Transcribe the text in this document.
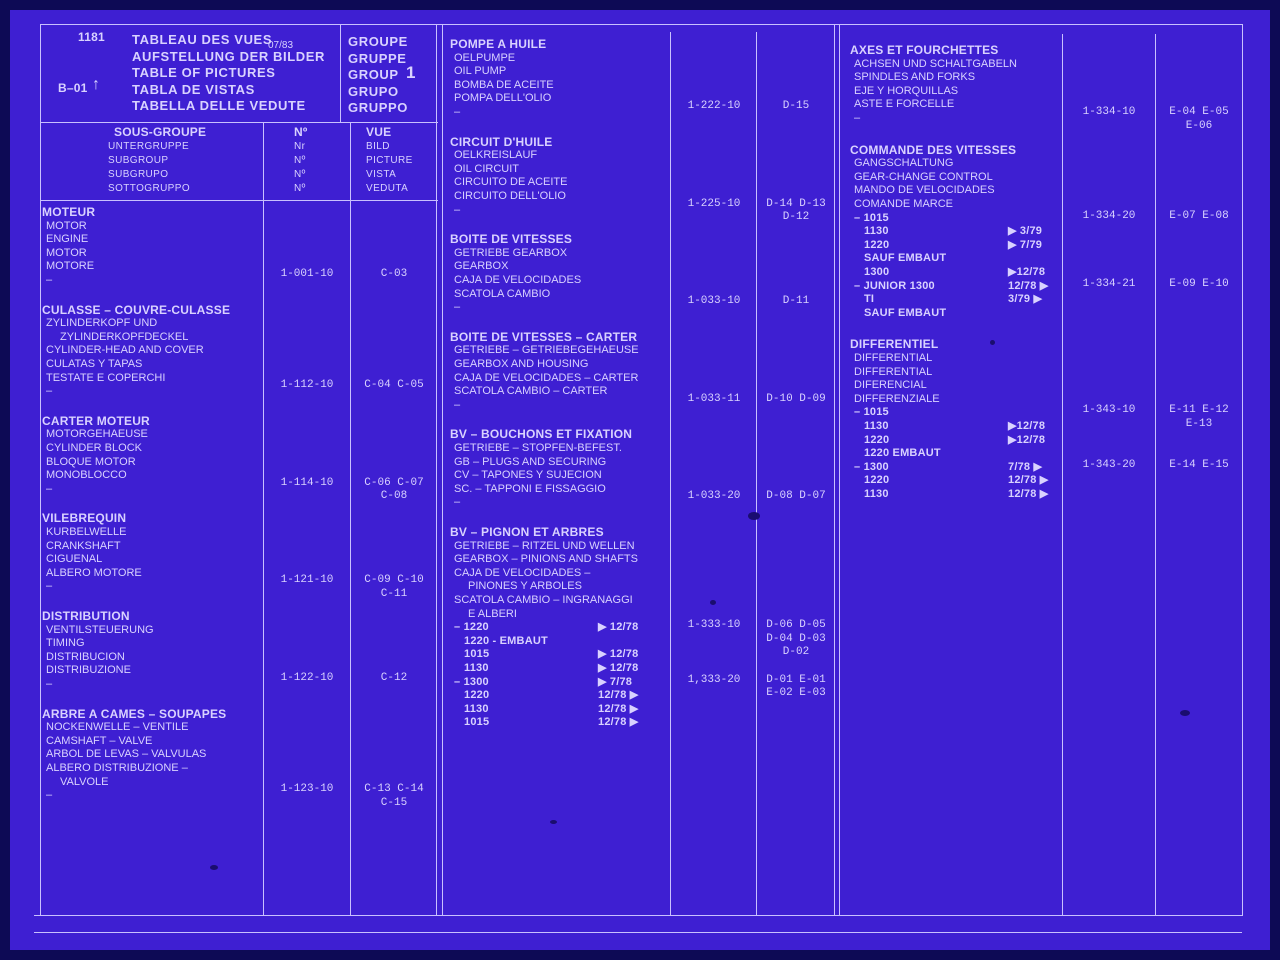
1181
B–01
07/83
↑
1
TABLEAU DES VUES
AUFSTELLUNG DER BILDER
TABLE OF PICTURES
TABLA DE VISTAS
TABELLA DELLE VEDUTE
GROUPE
GRUPPE
GROUP
GRUPO
GRUPPO
SOUS-GROUPE
UNTERGRUPPE
SUBGROUP
SUBGRUPO
SOTTOGRUPPO
Nº
Nr
Nº
Nº
Nº
VUE
BILD
PICTURE
VISTA
VEDUTA
MOTEUR
MOTOR
ENGINE
MOTOR
MOTORE
–	1-001-10	C-03
CULASSE – COUVRE-CULASSE
ZYLINDERKOPF UND
ZYLINDERKOPFDECKEL
CYLINDER-HEAD AND COVER
CULATAS Y TAPAS
TESTATE E COPERCHI
–	1-112-10	C-04 C-05
CARTER MOTEUR
MOTORGEHAEUSE
CYLINDER BLOCK
BLOQUE MOTOR
MONOBLOCCO
–	1-114-10	C-06 C-07
C-08
VILEBREQUIN
KURBELWELLE
CRANKSHAFT
CIGUENAL
ALBERO MOTORE
–	1-121-10	C-09 C-10
C-11
DISTRIBUTION
VENTILSTEUERUNG
TIMING
DISTRIBUCION
DISTRIBUZIONE
–	1-122-10	C-12
ARBRE A CAMES – SOUPAPES
NOCKENWELLE – VENTILE
CAMSHAFT – VALVE
ARBOL DE LEVAS – VALVULAS
ALBERO DISTRIBUZIONE –
VALVOLE
–	1-123-10	C-13 C-14
C-15
POMPE A HUILE
OELPUMPE
OIL PUMP
BOMBA DE ACEITE
POMPA DELL'OLIO
–	1-222-10	D-15
CIRCUIT D'HUILE
OELKREISLAUF
OIL CIRCUIT
CIRCUITO DE ACEITE
CIRCUITO DELL'OLIO
–	1-225-10	D-14 D-13
D-12
BOITE DE VITESSES
GETRIEBE GEARBOX
GEARBOX
CAJA DE VELOCIDADES
SCATOLA CAMBIO
–	1-033-10	D-11
BOITE DE VITESSES – CARTER
GETRIEBE – GETRIEBEGEHAEUSE
GEARBOX AND HOUSING
CAJA DE VELOCIDADES – CARTER
SCATOLA CAMBIO – CARTER
–	1-033-11	D-10 D-09
BV – BOUCHONS ET FIXATION
GETRIEBE – STOPFEN-BEFEST.
GB – PLUGS AND SECURING
CV – TAPONES Y SUJECION
SC. – TAPPONI E FISSAGGIO
–	1-033-20	D-08 D-07
BV – PIGNON ET ARBRES
GETRIEBE – RITZEL UND WELLEN
GEARBOX – PINIONS AND SHAFTS
CAJA DE VELOCIDADES –
PINONES Y ARBOLES
SCATOLA CAMBIO – INGRANAGGI
E ALBERI
– 1220	▶ 12/78	1-333-10	D-06 D-05
D-04 D-03
D-02
1220 - EMBAUT
1015	▶ 12/78
1130	▶ 12/78
– 1300	▶ 7/78	1,333-20	D-01 E-01
E-02 E-03
1220	12/78 ▶
1130	12/78 ▶
1015	12/78 ▶
AXES ET FOURCHETTES
ACHSEN UND SCHALTGABELN
SPINDLES AND FORKS
EJE Y HORQUILLAS
ASTE E FORCELLE
–	1-334-10	E-04 E-05
E-06
COMMANDE DES VITESSES
GANGSCHALTUNG
GEAR-CHANGE CONTROL
MANDO DE VELOCIDADES
COMANDE MARCE
– 1015	1-334-20	E-07 E-08
1130	▶ 3/79
1220	▶ 7/79
SAUF EMBAUT
1300	▶12/78
– JUNIOR 1300	12/78 ▶	1-334-21	E-09 E-10
TI	3/79 ▶
SAUF EMBAUT
DIFFERENTIEL
DIFFERENTIAL
DIFFERENTIAL
DIFERENCIAL
DIFFERENZIALE
– 1015	1-343-10	E-11 E-12
E-13
1130	▶12/78
1220	▶12/78
1220 EMBAUT
– 1300	7/78 ▶	1-343-20	E-14 E-15
1220	12/78 ▶
1130	12/78 ▶
